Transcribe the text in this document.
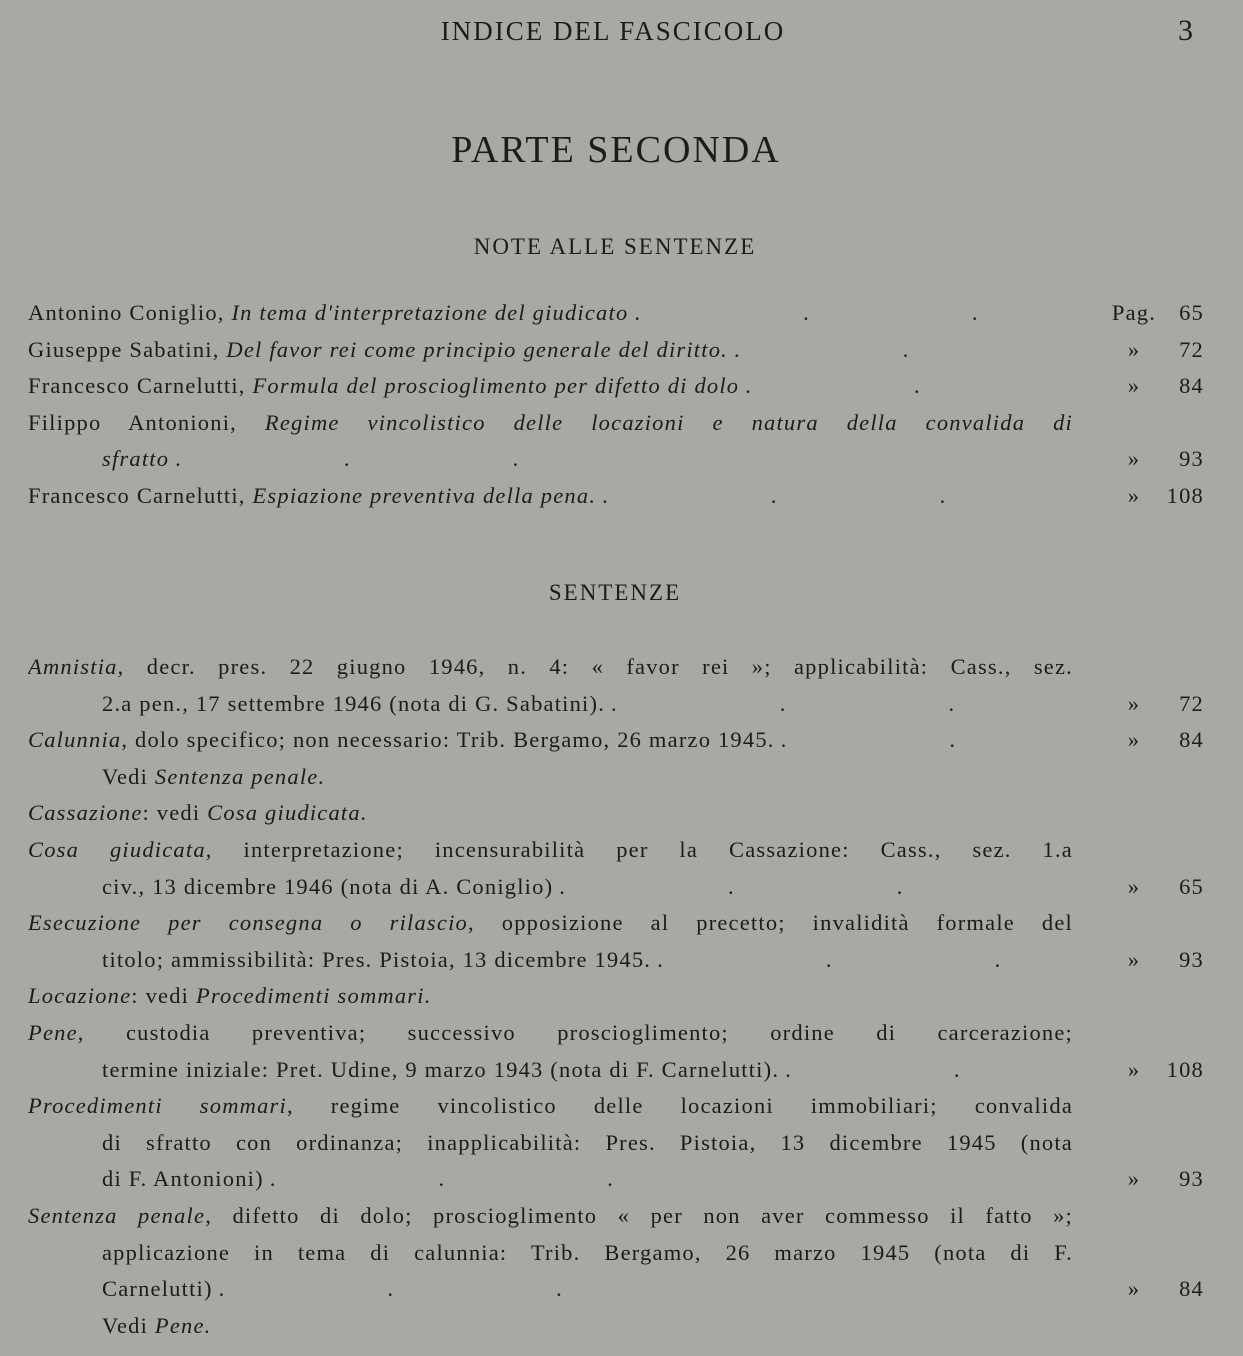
INDICE DEL FASCICOLO	3
PARTE SECONDA
NOTE ALLE SENTENZE
Antonino Coniglio, In tema d'interpretazione del giudicato .	Pag.	65
Giuseppe Sabatini, Del favor rei come principio generale del diritto. .	»	72
Francesco Carnelutti, Formula del proscioglimento per difetto di dolo .	»	84
Filippo Antonioni, Regime vincolistico delle locazioni e natura della convalida di
sfratto .	»	93
Francesco Carnelutti, Espiazione preventiva della pena. .	»	108
SENTENZE
Amnistia, decr. pres. 22 giugno 1946, n. 4: « favor rei »; applicabilità: Cass., sez.
2.a pen., 17 settembre 1946 (nota di G. Sabatini). .	»	72
Calunnia, dolo specifico; non necessario: Trib. Bergamo, 26 marzo 1945. .	»	84
Vedi Sentenza penale.
Cassazione: vedi Cosa giudicata.
Cosa giudicata, interpretazione; incensurabilità per la Cassazione: Cass., sez. 1.a
civ., 13 dicembre 1946 (nota di A. Coniglio) .	»	65
Esecuzione per consegna o rilascio, opposizione al precetto; invalidità formale del
titolo; ammissibilità: Pres. Pistoia, 13 dicembre 1945. .	»	93
Locazione: vedi Procedimenti sommari.
Pene, custodia preventiva; successivo proscioglimento; ordine di carcerazione;
termine iniziale: Pret. Udine, 9 marzo 1943 (nota di F. Carnelutti). .	»	108
Procedimenti sommari, regime vincolistico delle locazioni immobiliari; convalida
di sfratto con ordinanza; inapplicabilità: Pres. Pistoia, 13 dicembre 1945 (nota
di F. Antonioni) .	»	93
Sentenza penale, difetto di dolo; proscioglimento « per non aver commesso il fatto »;
applicazione in tema di calunnia: Trib. Bergamo, 26 marzo 1945 (nota di F.
Carnelutti) .	»	84
Vedi Pene.
